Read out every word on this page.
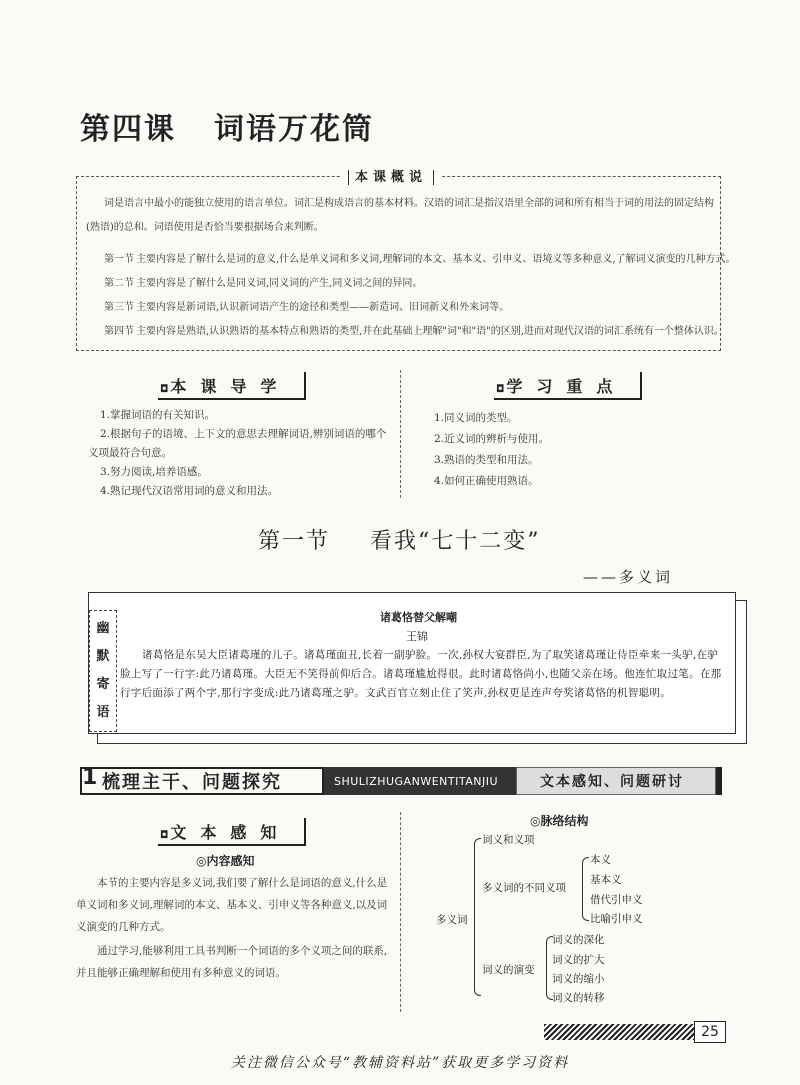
第四课 词语万花筒
本课概说
词是语言中最小的能独立使用的语言单位。词汇是构成语言的基本材料。汉语的词汇是指汉语里全部的词和所有相当于词的用法的固定结构(熟语)的总和。词语使用是否恰当要根据场合来判断。
第一节　 主要内容是了解什么是词的意义,什么是单义词和多义词,理解词的本文、基本义、引申义、语境义等多种意义,了解词义演变的几种方式。
第二节　 主要内容是了解什么是同义词,同义词的产生,同义词之间的异同。
第三节　 主要内容是新词语,认识新词语产生的途径和类型——新造词、旧词新义和外来词等。
第四节　 主要内容是熟语,认识熟语的基本特点和熟语的类型,并在此基础上理解"词"和"语"的区别,进而对现代汉语的词汇系统有一个整体认识。
◘ 本课导学
1.掌握词语的有关知识。
2.根据句子的语境、上下文的意思去理解词语,辨别词语的哪个义项最符合句意。
3.努力阅读,培养语感。
4.熟记现代汉语常用词的意义和用法。
◘ 学习重点
1.同义词的类型。
2.近义词的辨析与使用。
3.熟语的类型和用法。
4.如何正确使用熟语。
第一节 看我“七十二变”
——多义词
幽
默
寄
语
诸葛恪替父解嘲
王锦
诸葛恪是东吴大臣诸葛瑾的儿子。诸葛瑾面丑,长着一副驴脸。一次,孙权大宴群臣,为了取笑诸葛瑾让侍臣牵来一头驴,在驴脸上写了一行字:此乃诸葛瑾。大臣无不笑得前仰后合。诸葛瑾尴尬得很。此时诸葛恪尚小,也随父亲在场。他连忙取过笔。在那行字后面添了两个字,那行字变成:此乃诸葛瑾之驴。文武百官立刻止住了笑声,孙权更是连声夸奖诸葛恪的机智聪明。
1 梳理主干、问题探究	SHULIZHUGANWENTITANJIU	文本感知、问题研讨
◘ 文本感知
◎内容感知
本节的主要内容是多义词,我们要了解什么是词语的意义,什么是单义词和多义词,理解词的本文、基本义、引申义等各种意义,以及词义演变的几种方式。
通过学习,能够利用工具书判断一个词语的多个义项之间的联系,并且能够正确理解和使用有多种意义的词语。
◎脉络结构
多义词
词义和义项
多义词的不同义项
本义
基本义
借代引申义
比喻引申义
词义的演变
词义的深化
词义的扩大
词义的缩小
词义的转移
25
关注微信公众号“教辅资料站”获取更多学习资料
